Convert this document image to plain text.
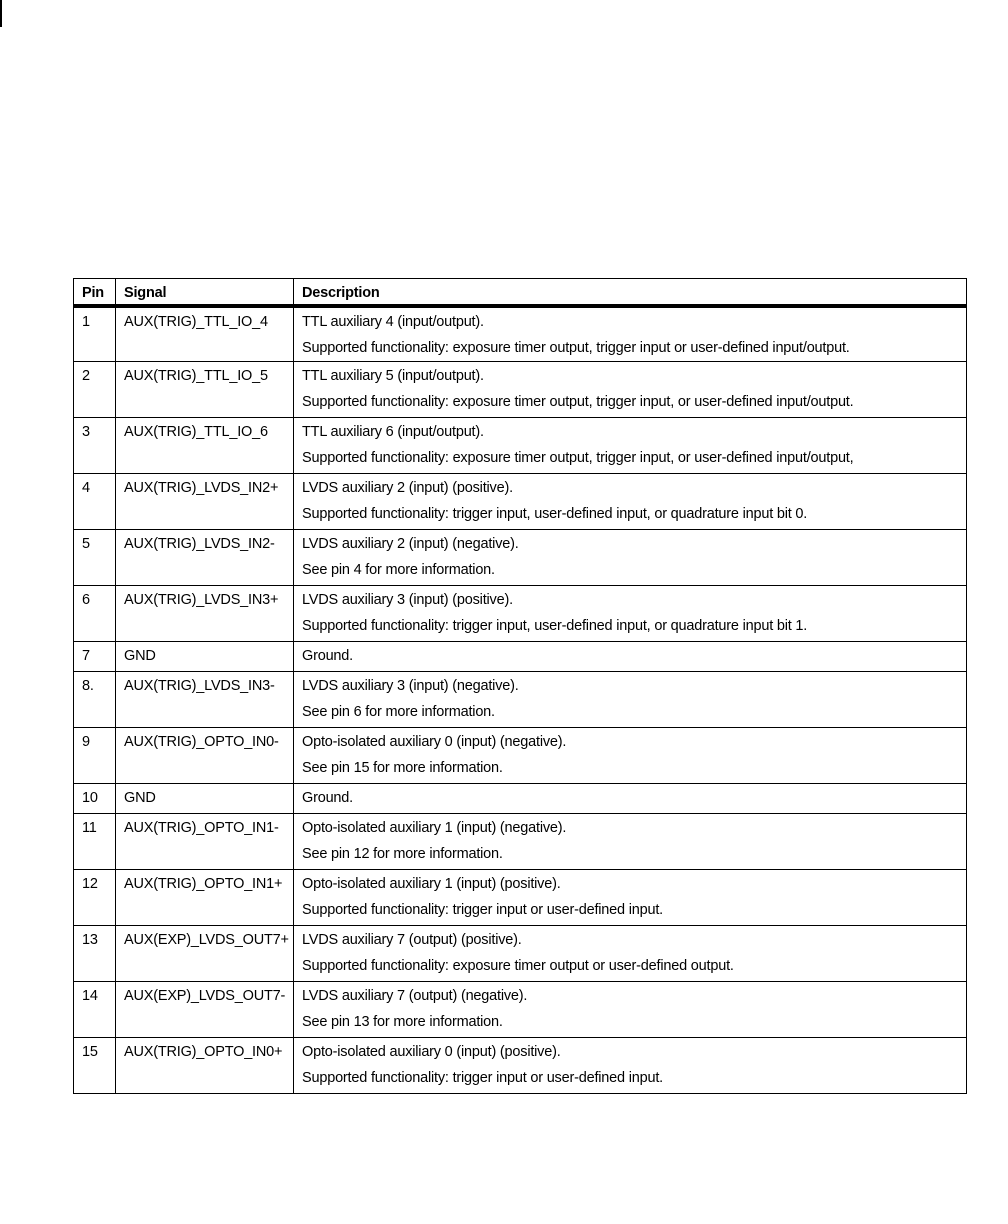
Pin	Signal	Description

1	AUX(TRIG)_TTL_IO_4	TTL auxiliary 4 (input/output).
Supported functionality: exposure timer output, trigger input or user-defined input/output.

2	AUX(TRIG)_TTL_IO_5	TTL auxiliary 5 (input/output).
Supported functionality: exposure timer output, trigger input, or user-defined input/output.

3	AUX(TRIG)_TTL_IO_6	TTL auxiliary 6 (input/output).
Supported functionality: exposure timer output, trigger input, or user-defined input/output,

4	AUX(TRIG)_LVDS_IN2+	LVDS auxiliary 2 (input) (positive).
Supported functionality: trigger input, user-defined input, or quadrature input bit 0.

5	AUX(TRIG)_LVDS_IN2-	LVDS auxiliary 2 (input) (negative).
See pin 4 for more information.

6	AUX(TRIG)_LVDS_IN3+	LVDS auxiliary 3 (input) (positive).
Supported functionality: trigger input, user-defined input, or quadrature input bit 1.

7	GND	Ground.

8.	AUX(TRIG)_LVDS_IN3-	LVDS auxiliary 3 (input) (negative).
See pin 6 for more information.

9	AUX(TRIG)_OPTO_IN0-	Opto-isolated auxiliary 0 (input) (negative).
See pin 15 for more information.

10	GND	Ground.

11	AUX(TRIG)_OPTO_IN1-	Opto-isolated auxiliary 1 (input) (negative).
See pin 12 for more information.

12	AUX(TRIG)_OPTO_IN1+	Opto-isolated auxiliary 1 (input) (positive).
Supported functionality: trigger input or user-defined input.

13	AUX(EXP)_LVDS_OUT7+	LVDS auxiliary 7 (output) (positive).
Supported functionality: exposure timer output or user-defined output.

14	AUX(EXP)_LVDS_OUT7-	LVDS auxiliary 7 (output) (negative).
See pin 13 for more information.

15	AUX(TRIG)_OPTO_IN0+	Opto-isolated auxiliary 0 (input) (positive).
Supported functionality: trigger input or user-defined input.
